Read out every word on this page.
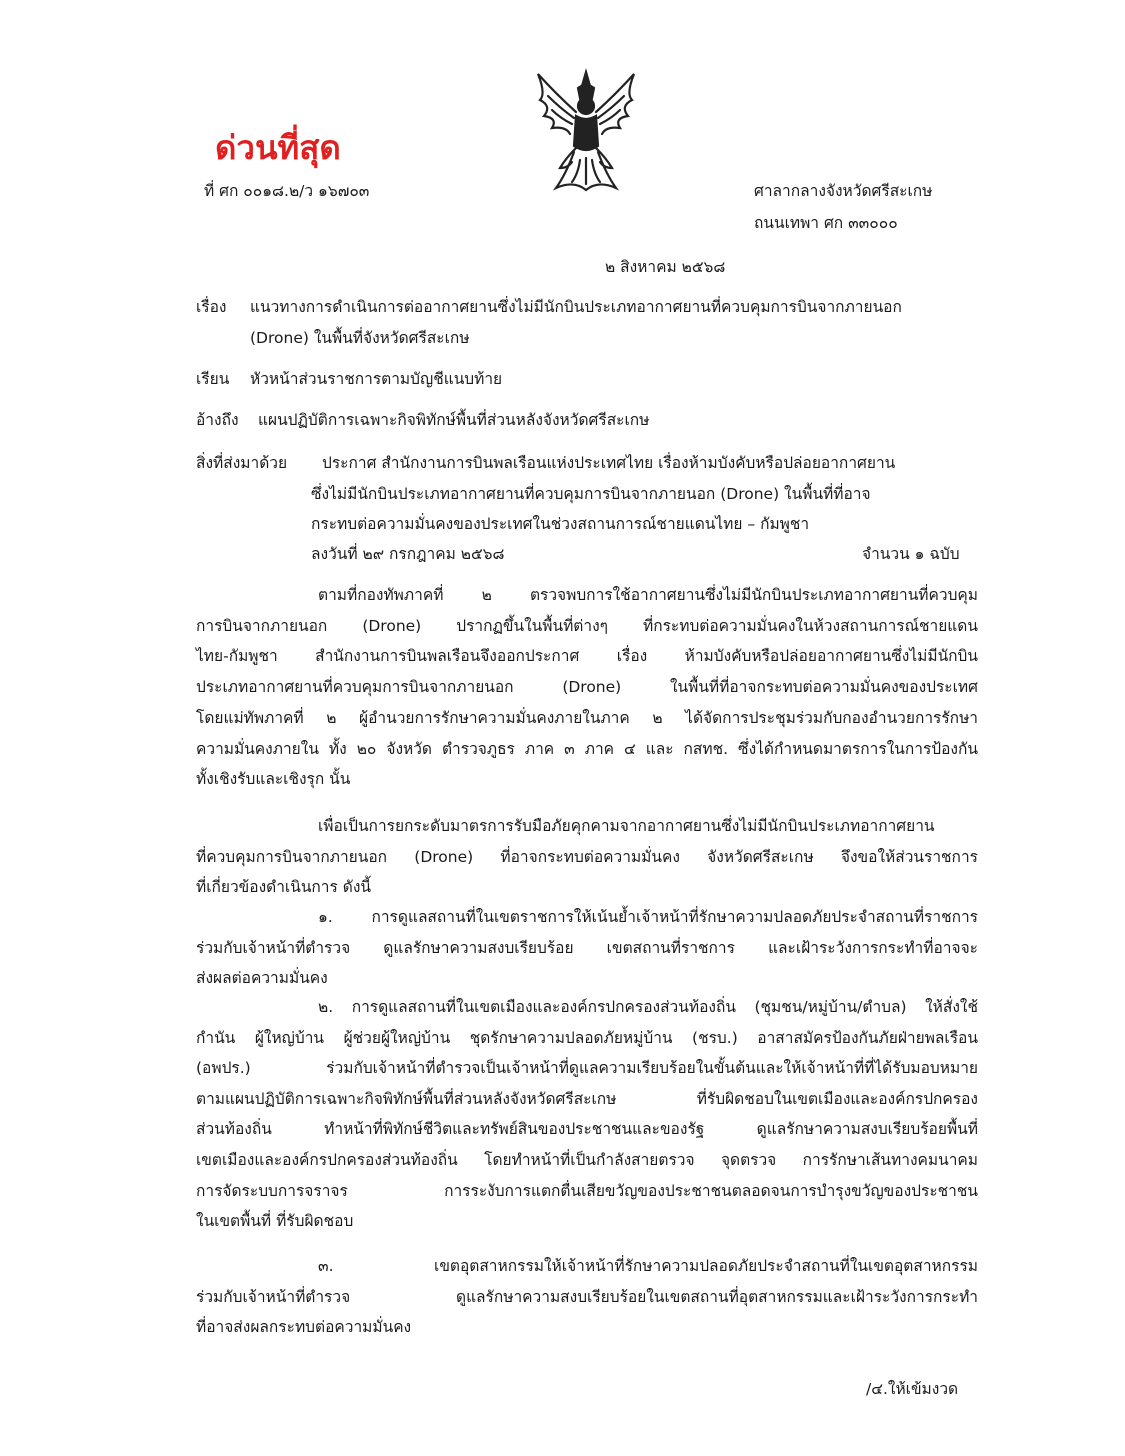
ด่วนที่สุด
ที่ ศก ๐๐๑๘.๒/ว ๑๖๗๐๓	ศาลากลางจังหวัดศรีสะเกษ
ถนนเทพา ศก ๓๓๐๐๐
๒ สิงหาคม ๒๕๖๘
เรื่อง แนวทางการดำเนินการต่ออากาศยานซึ่งไม่มีนักบินประเภทอากาศยานที่ควบคุมการบินจากภายนอก
(Drone) ในพื้นที่จังหวัดศรีสะเกษ
เรียน หัวหน้าส่วนราชการตามบัญชีแนบท้าย
อ้างถึง แผนปฏิบัติการเฉพาะกิจพิทักษ์พื้นที่ส่วนหลังจังหวัดศรีสะเกษ
สิ่งที่ส่งมาด้วย ประกาศ สำนักงานการบินพลเรือนแห่งประเทศไทย เรื่องห้ามบังคับหรือปล่อยอากาศยาน
ซึ่งไม่มีนักบินประเภทอากาศยานที่ควบคุมการบินจากภายนอก (Drone) ในพื้นที่ที่อาจ
กระทบต่อความมั่นคงของประเทศในช่วงสถานการณ์ชายแดนไทย – กัมพูชา
ลงวันที่ ๒๙ กรกฎาคม ๒๕๖๘	จำนวน ๑ ฉบับ
ตามที่กองทัพภาคที่ ๒ ตรวจพบการใช้อากาศยานซึ่งไม่มีนักบินประเภทอากาศยานที่ควบคุม
การบินจากภายนอก (Drone) ปรากฏขึ้นในพื้นที่ต่างๆ ที่กระทบต่อความมั่นคงในห้วงสถานการณ์ชายแดน
ไทย-กัมพูชา สำนักงานการบินพลเรือนจึงออกประกาศ เรื่อง ห้ามบังคับหรือปล่อยอากาศยานซึ่งไม่มีนักบิน
ประเภทอากาศยานที่ควบคุมการบินจากภายนอก	(Drone)	ในพื้นที่ที่อาจกระทบต่อความมั่นคงของประเทศ
โดยแม่ทัพภาคที่ ๒ ผู้อำนวยการรักษาความมั่นคงภายในภาค ๒ ได้จัดการประชุมร่วมกับกองอำนวยการรักษา
ความมั่นคงภายใน ทั้ง ๒๐ จังหวัด ตำรวจภูธร ภาค ๓ ภาค ๔ และ กสทช. ซึ่งได้กำหนดมาตรการในการป้องกัน
ทั้งเชิงรับและเชิงรุก นั้น
เพื่อเป็นการยกระดับมาตรการรับมือภัยคุกคามจากอากาศยานซึ่งไม่มีนักบินประเภทอากาศยาน
ที่ควบคุมการบินจากภายนอก (Drone) ที่อาจกระทบต่อความมั่นคง จังหวัดศรีสะเกษ จึงขอให้ส่วนราชการ
ที่เกี่ยวข้องดำเนินการ ดังนี้
๑. การดูแลสถานที่ในเขตราชการให้เน้นย้ำเจ้าหน้าที่รักษาความปลอดภัยประจำสถานที่ราชการ
ร่วมกับเจ้าหน้าที่ตำรวจ ดูแลรักษาความสงบเรียบร้อย เขตสถานที่ราชการ และเฝ้าระวังการกระทำที่อาจจะ
ส่งผลต่อความมั่นคง
๒. การดูแลสถานที่ในเขตเมืองและองค์กรปกครองส่วนท้องถิ่น (ชุมชน/หมู่บ้าน/ตำบล) ให้สั่งใช้
กำนัน ผู้ใหญ่บ้าน ผู้ช่วยผู้ใหญ่บ้าน ชุดรักษาความปลอดภัยหมู่บ้าน (ชรบ.) อาสาสมัครป้องกันภัยฝ่ายพลเรือน
(อพปร.)	ร่วมกับเจ้าหน้าที่ตำรวจเป็นเจ้าหน้าที่ดูแลความเรียบร้อยในขั้นต้นและให้เจ้าหน้าที่ที่ได้รับมอบหมาย
ตามแผนปฏิบัติการเฉพาะกิจพิทักษ์พื้นที่ส่วนหลังจังหวัดศรีสะเกษ	ที่รับผิดชอบในเขตเมืองและองค์กรปกครอง
ส่วนท้องถิ่น	ทำหน้าที่พิทักษ์ชีวิตและทรัพย์สินของประชาชนและของรัฐ	ดูแลรักษาความสงบเรียบร้อยพื้นที่
เขตเมืองและองค์กรปกครองส่วนท้องถิ่น โดยทำหน้าที่เป็นกำลังสายตรวจ จุดตรวจ การรักษาเส้นทางคมนาคม
การจัดระบบการจราจร	การระงับการแตกตื่นเสียขวัญของประชาชนตลอดจนการบำรุงขวัญของประชาชน
ในเขตพื้นที่ ที่รับผิดชอบ
๓.	เขตอุตสาหกรรมให้เจ้าหน้าที่รักษาความปลอดภัยประจำสถานที่ในเขตอุตสาหกรรม
ร่วมกับเจ้าหน้าที่ตำรวจ	ดูแลรักษาความสงบเรียบร้อยในเขตสถานที่อุตสาหกรรมและเฝ้าระวังการกระทำ
ที่อาจส่งผลกระทบต่อความมั่นคง
/๔.ให้เข้มงวด
